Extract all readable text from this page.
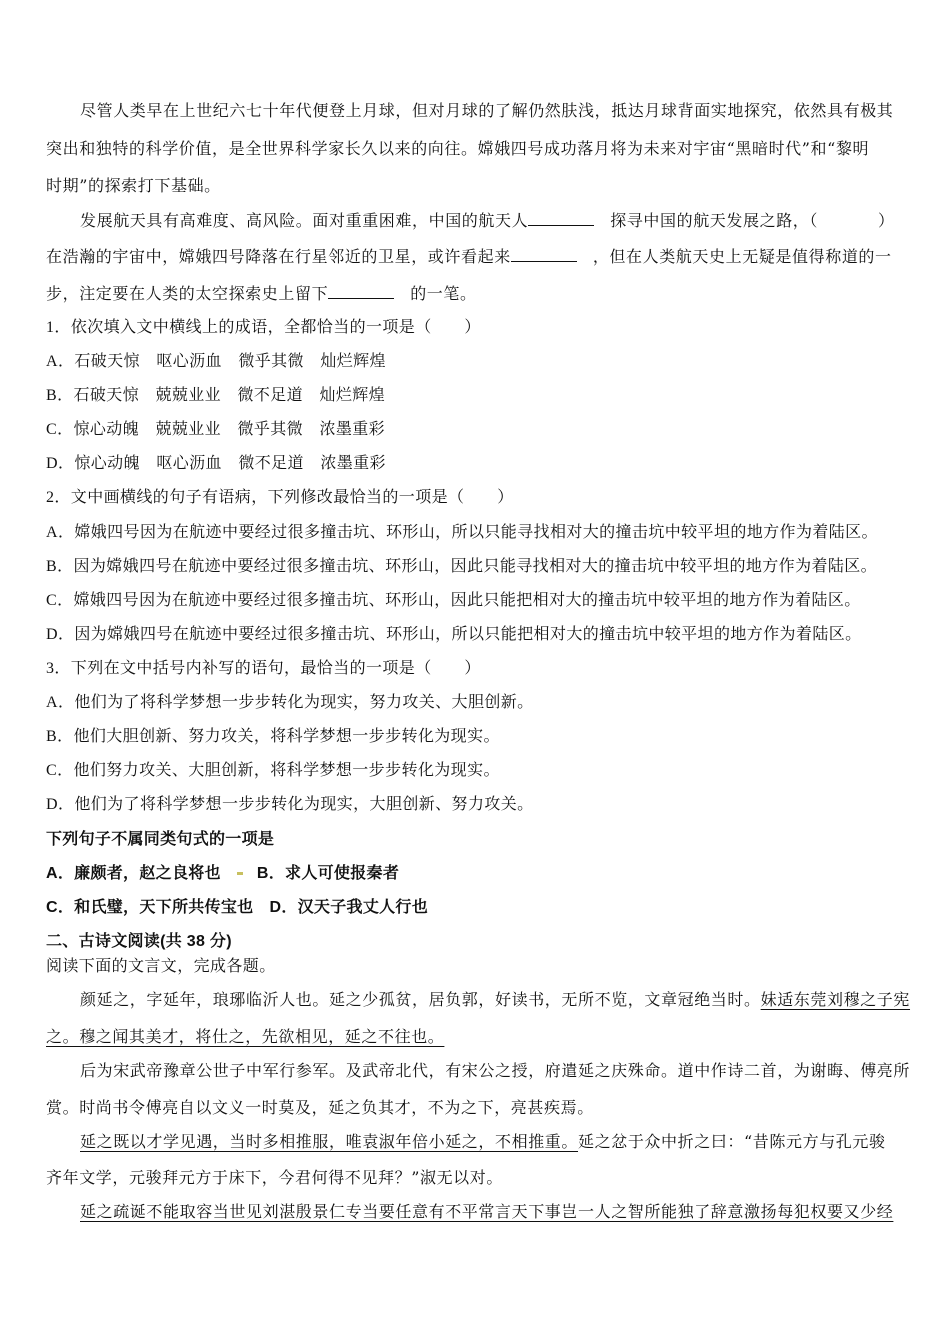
尽管人类早在上世纪六七十年代便登上月球，但对月球的了解仍然肤浅，抵达月球背面实地探究，依然具有极其
突出和独特的科学价值，是全世界科学家长久以来的向往。嫦娥四号成功落月将为未来对宇宙“黑暗时代”和“黎明
时期”的探索打下基础。
发展航天具有高难度、高风险。面对重重困难，中国的航天人	探寻中国的航天发展之路，（	）
在浩瀚的宇宙中，嫦娥四号降落在行星邻近的卫星，或许看起来	，但在人类航天史上无疑是值得称道的一
步，注定要在人类的太空探索史上留下	的一笔。
1．依次填入文中横线上的成语，全都恰当的一项是（　　）
A．石破天惊　呕心沥血　微乎其微　灿烂辉煌
B．石破天惊　兢兢业业　微不足道　灿烂辉煌
C．惊心动魄　兢兢业业　微乎其微　浓墨重彩
D．惊心动魄　呕心沥血　微不足道　浓墨重彩
2．文中画横线的句子有语病，下列修改最恰当的一项是（　　）
A．嫦娥四号因为在航迹中要经过很多撞击坑、环形山，所以只能寻找相对大的撞击坑中较平坦的地方作为着陆区。
B．因为嫦娥四号在航迹中要经过很多撞击坑、环形山，因此只能寻找相对大的撞击坑中较平坦的地方作为着陆区。
C．嫦娥四号因为在航迹中要经过很多撞击坑、环形山，因此只能把相对大的撞击坑中较平坦的地方作为着陆区。
D．因为嫦娥四号在航迹中要经过很多撞击坑、环形山，所以只能把相对大的撞击坑中较平坦的地方作为着陆区。
3．下列在文中括号内补写的语句，最恰当的一项是（　　）
A．他们为了将科学梦想一步步转化为现实，努力攻关、大胆创新。
B．他们大胆创新、努力攻关，将科学梦想一步步转化为现实。
C．他们努力攻关、大胆创新，将科学梦想一步步转化为现实。
D．他们为了将科学梦想一步步转化为现实，大胆创新、努力攻关。
下列句子不属同类句式的一项是
A．廉颇者，赵之良将也 B．求人可使报秦者
C．和氏璧，天下所共传宝也 D．汉天子我丈人行也
二、古诗文阅读(共 38 分)
阅读下面的文言文，完成各题。
颜延之，字延年，琅琊临沂人也。延之少孤贫，居负郭，好读书，无所不览，文章冠绝当时。妹适东莞刘穆之子宪
之。穆之闻其美才，将仕之，先欲相见，延之不往也。
后为宋武帝豫章公世子中军行参军。及武帝北代，有宋公之授，府遣延之庆殊命。道中作诗二首，为谢晦、傅亮所
赏。时尚书令傅亮自以文义一时莫及，延之负其才，不为之下，亮甚疾焉。
延之既以才学见遇，当时多相推服，唯袁淑年倍小延之，不相推重。延之忿于众中折之曰：“昔陈元方与孔元骏
齐年文学，元骏拜元方于床下，今君何得不见拜？”淑无以对。
延之疏诞不能取容当世见刘湛殷景仁专当要任意有不平常言天下事岂一人之智所能独了辞意激扬每犯权要又少经
